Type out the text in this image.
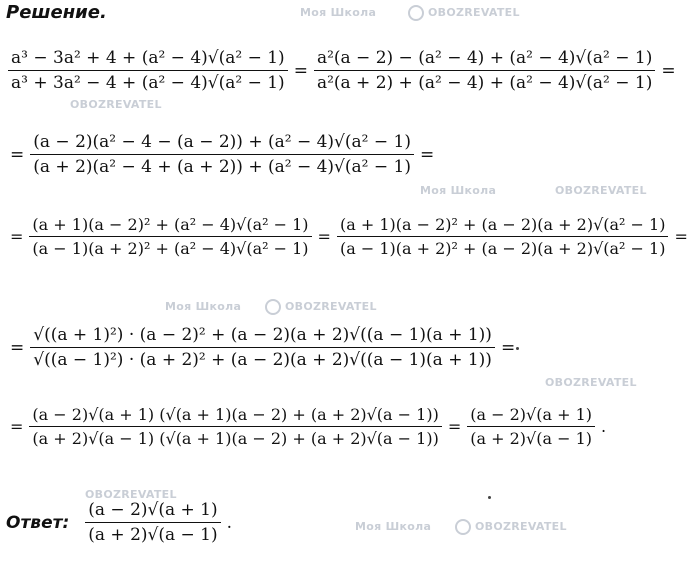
Моя Школа	OBOZREVATEL
OBOZREVATEL
Моя Школа	OBOZREVATEL
Моя Школа	OBOZREVATEL
OBOZREVATEL
OBOZREVATEL
Моя Школа	OBOZREVATEL
Решение.
$\frac{\text{a³ − 3a² + 4 + (a² − 4)√(a² − 1)}}{\text{a³ + 3a² − 4 + (a² − 4)√(a² − 1)}} = \frac{\text{a²(a − 2) − (a² − 4) + (a² − 4)√(a² − 1)}}{\text{a²(a + 2) + (a² − 4) + (a² − 4)√(a² − 1)}}$ =
= $\frac{\text{(a − 2)(a² − 4 − (a − 2)) + (a² − 4)√(a² − 1)}}{\text{(a + 2)(a² − 4 + (a + 2)) + (a² − 4)√(a² − 1)}}$ =
= $\frac{\text{(a + 1)(a − 2)² + (a² − 4)√(a² − 1)}}{\text{(a − 1)(a + 2)² + (a² − 4)√(a² − 1)}} = \frac{\text{(a + 1)(a − 2)² + (a − 2)(a + 2)√(a² − 1)}}{\text{(a − 1)(a + 2)² + (a − 2)(a + 2)√(a² − 1)}}$ =
= $\frac{\text{√((a + 1)²) · (a − 2)² + (a − 2)(a + 2)√((a − 1)(a + 1))}}{\text{√((a − 1)²) · (a + 2)² + (a − 2)(a + 2)√((a − 1)(a + 1))}}$ =
= $\frac{(a - 2)√(a + 1) (√(a + 1)(a - 2) + (a + 2)√(a - 1))}{(a + 2)√(a - 1) (√(a + 1)(a - 2) + (a + 2)√(a - 1))} = \frac{(a - 2)√(a + 1)}{(a + 2)√(a - 1)}$ .
Ответ: $\frac{(a - 2)√(a + 1)}{(a + 2)√(a - 1)}$ .
